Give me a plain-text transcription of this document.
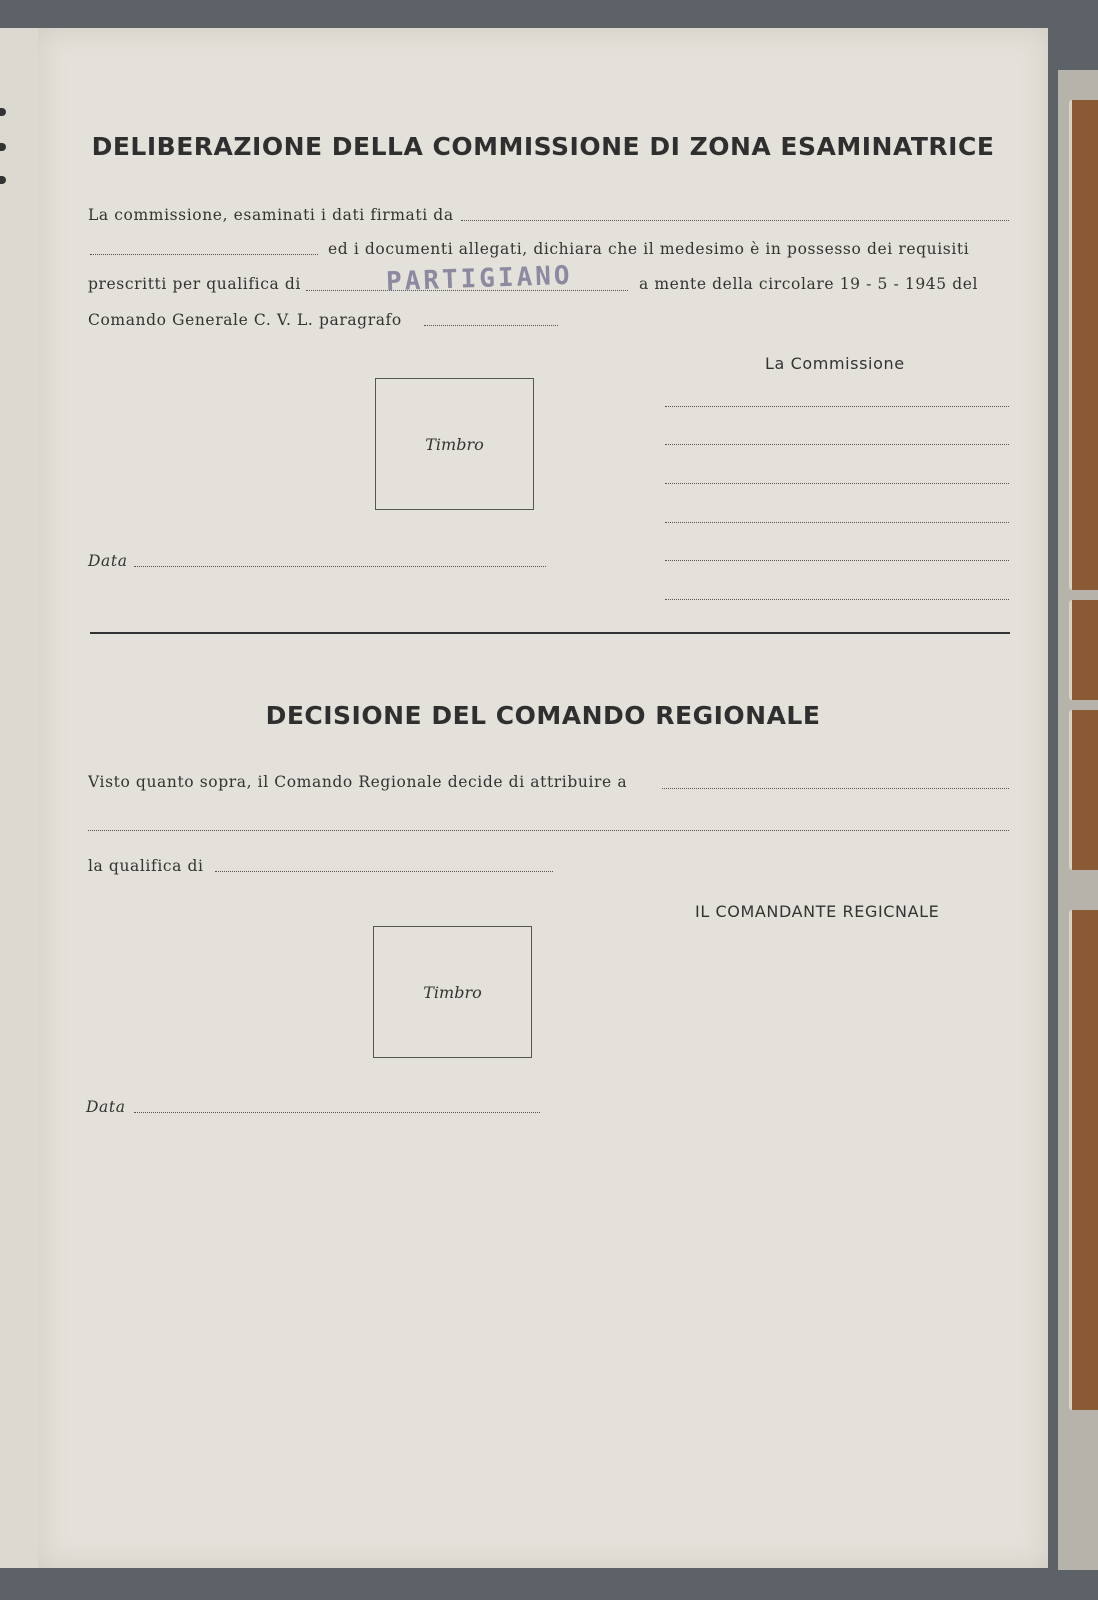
DELIBERAZIONE DELLA COMMISSIONE DI ZONA ESAMINATRICE
La commissione, esaminati i dati firmati da
ed i documenti allegati, dichiara che il medesimo è in possesso dei requisiti
prescritti per qualifica di	PARTIGIANO	a mente della circolare 19 - 5 - 1945 del
Comando Generale C. V. L. paragrafo
La Commissione
Timbro
Data
DECISIONE DEL COMANDO REGIONALE
Visto quanto sopra, il Comando Regionale decide di attribuire a
la qualifica di
IL COMANDANTE REGICNALE
Timbro
Data
